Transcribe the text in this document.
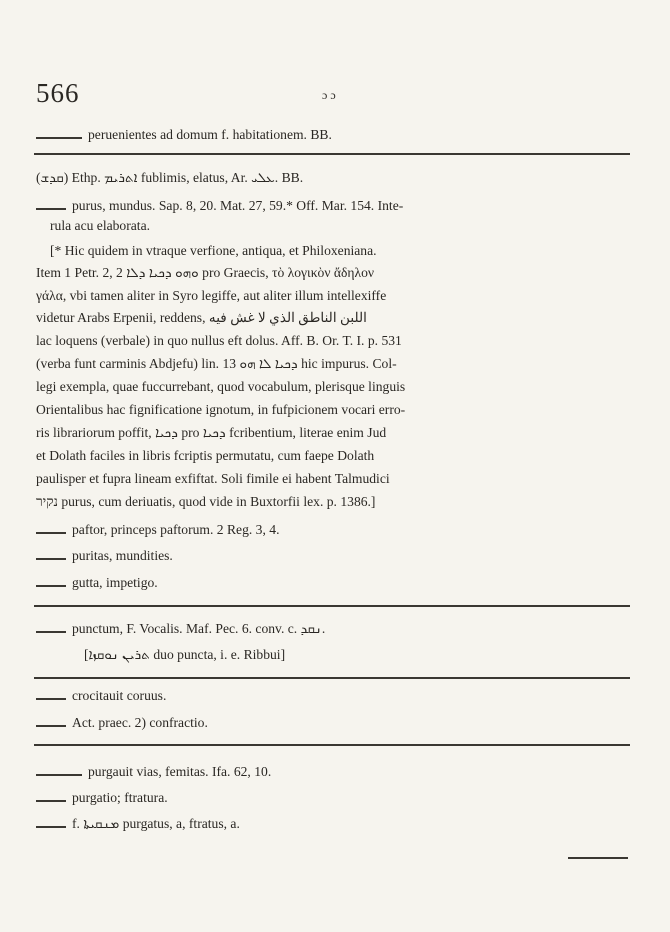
566	ɔ ɔ
peruenientes ad domum f. habitationem. BB.
(ܩܕܫ) Ethp. ܐܬܪܝܡ fublimis, elatus, Ar. ܥܠܝ. BB.
purus, mundus. Sap. 8, 20. Mat. 27, 59.* Off. Mar. 154. Inte-
rula acu elaborata.
[* Hic quidem in vtraque verfione, antiqua, et Philoxeniana.
Item 1 Petr. 2, 2 ܘܗܘ ܕܟܝܐ ܕܠܐ pro Graecis, τὸ λογικὸν ἄδηλον
γάλα, vbi tamen aliter in Syro legiffe, aut aliter illum intellexiffe
videtur Arabs Erpenii, reddens, اللبن الناطق الذي لا غش فيه
lac loquens (verbale) in quo nullus eft dolus. Aff. B. Or. T. I. p. 531
(verba funt carminis Abdjefu) lin. 13 ܕܟܝܐ ܠܐ ܗܘ hic impurus. Col-
legi exempla, quae fuccurrebant, quod vocabulum, plerisque linguis
Orientalibus hac fignificatione ignotum, in fufpicionem vocari erro-
ris librariorum poffit, ܕܟܝܐ pro ܕܟܝܐ fcribentium, literae enim Jud
et Dolath faciles in libris fcriptis permutatu, cum faepe Dolath
paulisper et fupra lineam exfiftat. Soli fimile ei habent Talmudici
נקיר purus, cum deriuatis, quod vide in Buxtorfii lex. p. 1386.]
paftor, princeps paftorum. 2 Reg. 3, 4.
puritas, mundities.
gutta, impetigo.
punctum, F. Vocalis. Maf. Pec. 6. conv. c. ܢܩܕ.
[ܬܪܝܢ ܢܘܩܙܐ duo puncta, i. e. Ribbui]
crocitauit coruus.
Act. praec. 2) confractio.
purgauit vias, femitas. Ifa. 62, 10.
purgatio; ftratura.
f. ܡܢܩܝܬܐ purgatus, a, ftratus, a.
